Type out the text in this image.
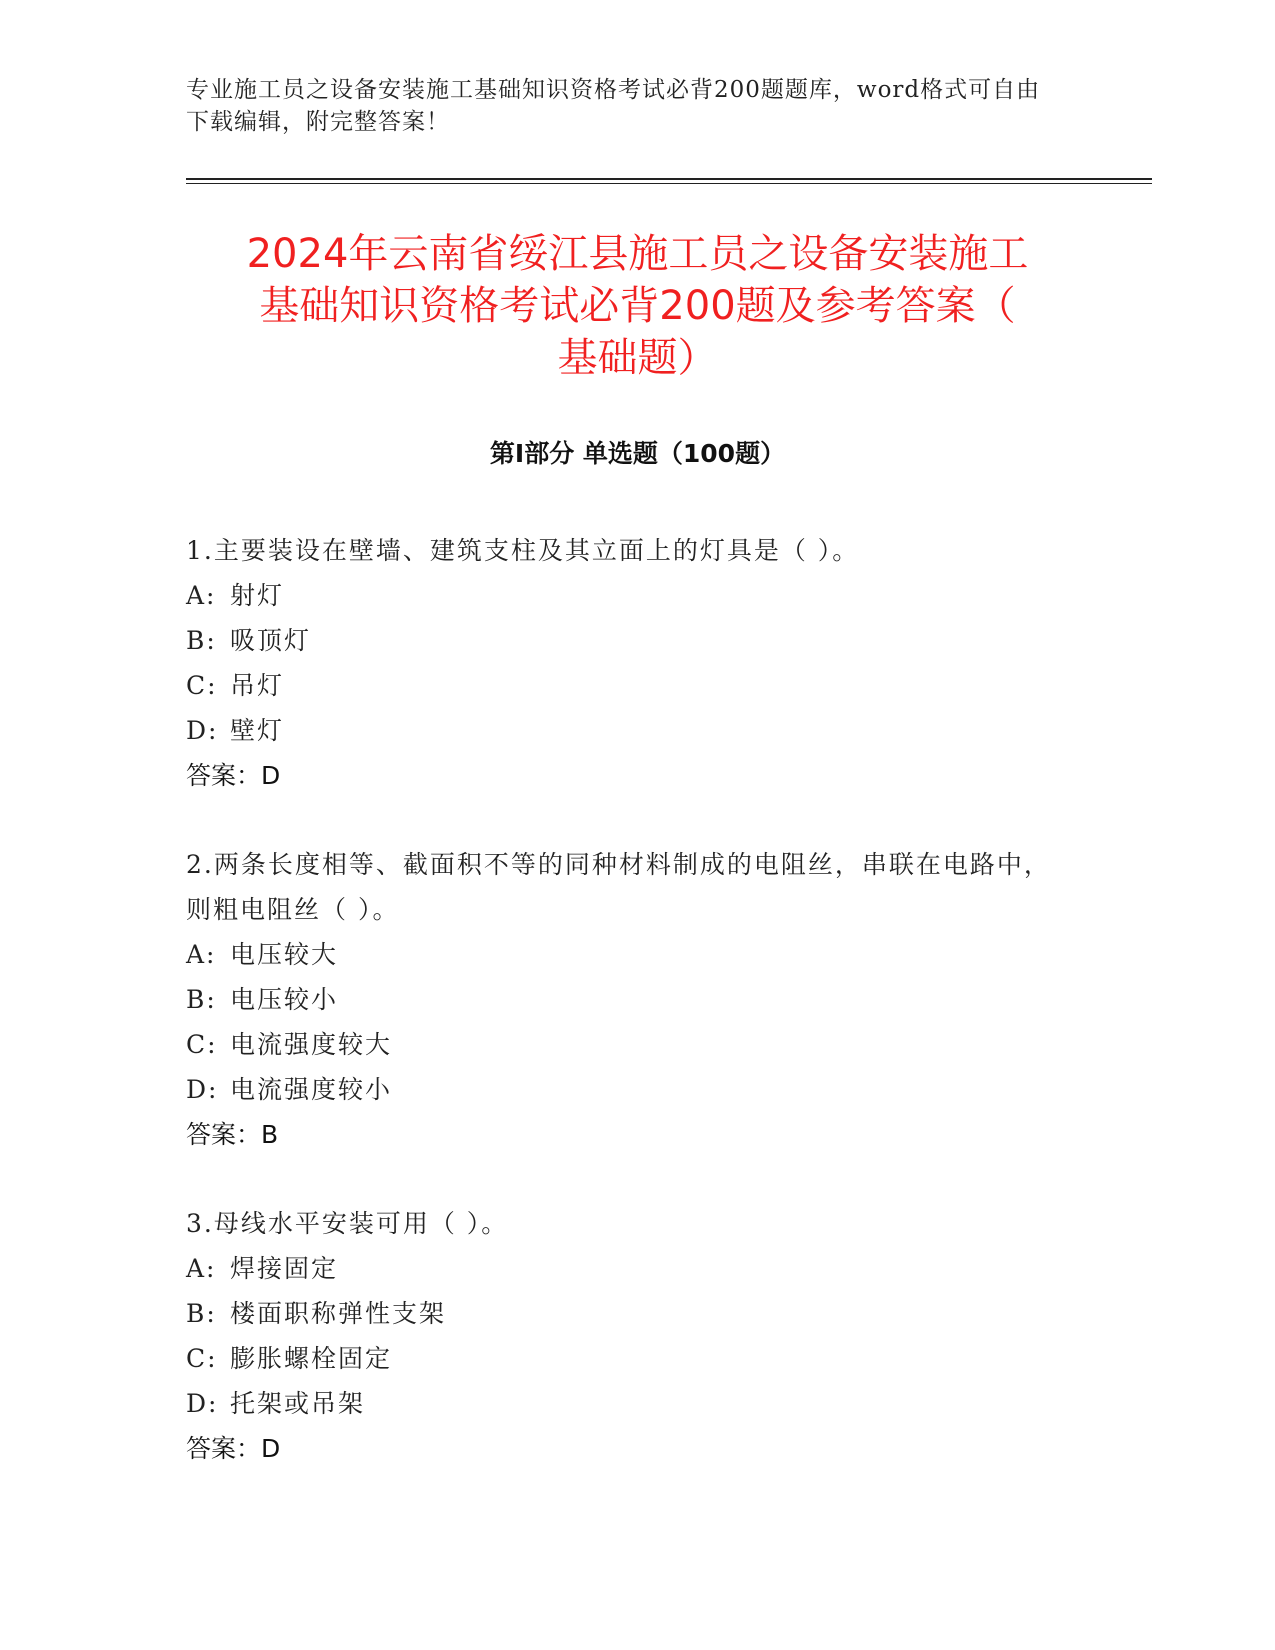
专业施工员之设备安装施工基础知识资格考试必背200题题库，word格式可自由
下载编辑，附完整答案！
2024年云南省绥江县施工员之设备安装施工
基础知识资格考试必背200题及参考答案（
基础题）
第Ⅰ部分 单选题（100题）
1.主要装设在壁墙、建筑支柱及其立面上的灯具是（ ）。
A: 射灯
B: 吸顶灯
C: 吊灯
D: 壁灯
答案：D
2.两条长度相等、截面积不等的同种材料制成的电阻丝，串联在电路中，则粗电阻丝（ ）。
A: 电压较大
B: 电压较小
C: 电流强度较大
D: 电流强度较小
答案：B
3.母线水平安装可用（ ）。
A: 焊接固定
B: 楼面职称弹性支架
C: 膨胀螺栓固定
D: 托架或吊架
答案：D
